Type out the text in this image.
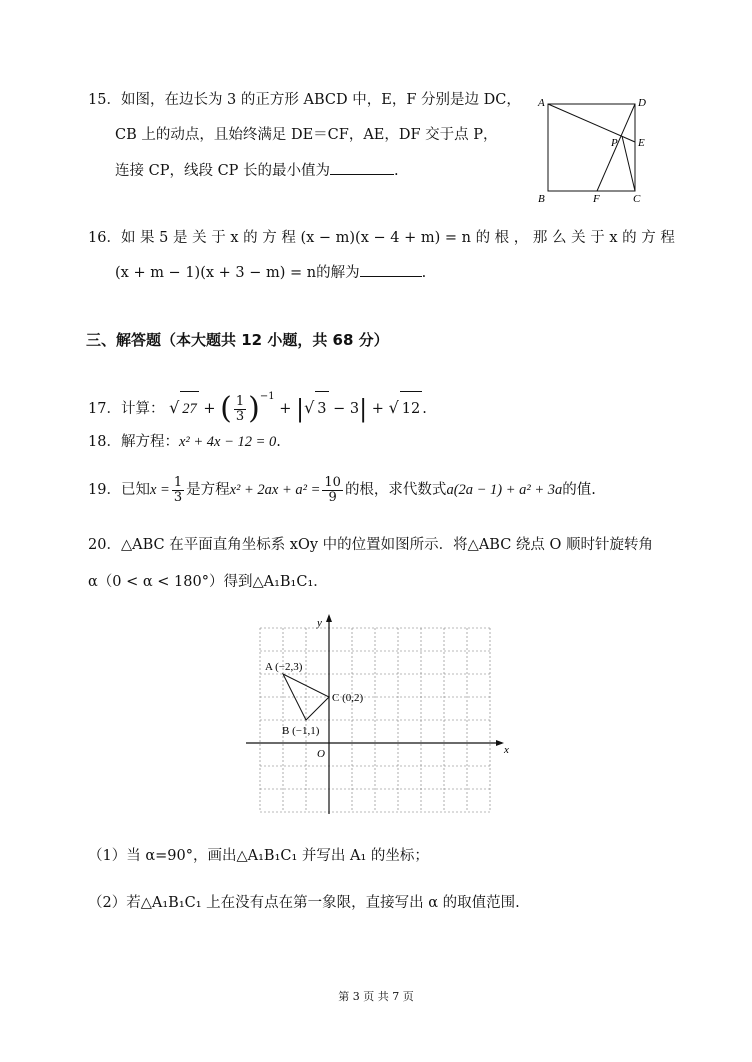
15．如图，在边长为 3 的正方形 ABCD 中，E，F 分别是边 DC，
CB 上的动点，且始终满足 DE＝CF，AE，DF 交于点 P，
连接 CP，线段 CP 长的最小值为	.
A	D
E
P
B	F	C
16．如 果 5 是 关 于 x 的 方 程 (x − m)(x − 4 + m) = n 的 根 ， 那 么 关 于 x 的 方 程
(x + m − 1)(x + 3 − m) = n的解为	.
三、解答题（本大题共 12 小题，共 68 分）
17．计算： √ 27 + ( $\frac{1}{3} )^{-1}$ + |√ 3 − 3| + √ 12 .
18．解方程：x² + 4x − 12 = 0.
19．已知$x = \frac{1}{3}$ 是方程$x^2 + 2ax + a^2 = \frac{10}{9}$ 的根，求代数式a(2a − 1) + a² + 3a的值.
20．△ABC 在平面直角坐标系 xOy 中的位置如图所示．将△ABC 绕点 O 顺时针旋转角
α（0 < α < 180°）得到△A₁B₁C₁．
A (−2,3)
B (−1,1)
C (0,2)
O	x
y
（1）当 α=90°，画出△A₁B₁C₁ 并写出 A₁ 的坐标；
（2）若△A₁B₁C₁ 上在没有点在第一象限，直接写出 α 的取值范围.
第 3 页 共 7 页
